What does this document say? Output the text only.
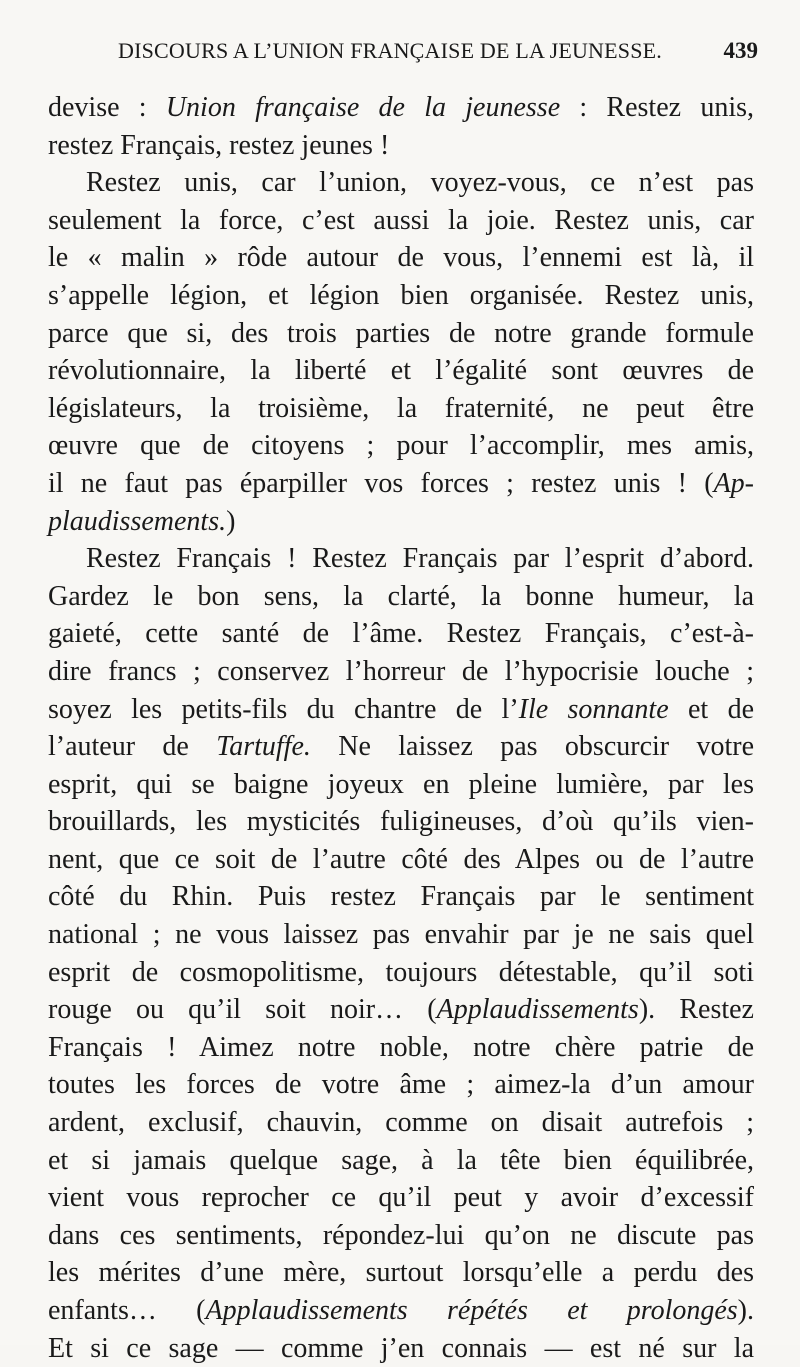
DISCOURS A L’UNION FRANÇAISE DE LA JEUNESSE.	439
devise : Union française de la jeunesse : Restez unis,
restez Français, restez jeunes !
Restez unis, car l’union, voyez-vous, ce n’est pas
seulement la force, c’est aussi la joie. Restez unis, car
le « malin » rôde autour de vous, l’ennemi est là, il
s’appelle légion, et légion bien organisée. Restez unis,
parce que si, des trois parties de notre grande formule
révolutionnaire, la liberté et l’égalité sont œuvres de
législateurs, la troisième, la fraternité, ne peut être
œuvre que de citoyens ; pour l’accomplir, mes amis,
il ne faut pas éparpiller vos forces ; restez unis ! (Ap-
plaudissements.)
Restez Français ! Restez Français par l’esprit d’abord.
Gardez le bon sens, la clarté, la bonne humeur, la
gaieté, cette santé de l’âme. Restez Français, c’est-à-
dire francs ; conservez l’horreur de l’hypocrisie louche ;
soyez les petits-fils du chantre de l’Ile sonnante et de
l’auteur de Tartuffe. Ne laissez pas obscurcir votre
esprit, qui se baigne joyeux en pleine lumière, par les
brouillards, les mysticités fuligineuses, d’où qu’ils vien-
nent, que ce soit de l’autre côté des Alpes ou de l’autre
côté du Rhin. Puis restez Français par le sentiment
national ; ne vous laissez pas envahir par je ne sais quel
esprit de cosmopolitisme, toujours détestable, qu’il soti
rouge ou qu’il soit noir… (Applaudissements). Restez
Français ! Aimez notre noble, notre chère patrie de
toutes les forces de votre âme ; aimez-la d’un amour
ardent, exclusif, chauvin, comme on disait autrefois ;
et si jamais quelque sage, à la tête bien équilibrée,
vient vous reprocher ce qu’il peut y avoir d’excessif
dans ces sentiments, répondez-lui qu’on ne discute pas
les mérites d’une mère, surtout lorsqu’elle a perdu des
enfants… (Applaudissements répétés et prolongés).
Et si ce sage — comme j’en connais — est né sur la
